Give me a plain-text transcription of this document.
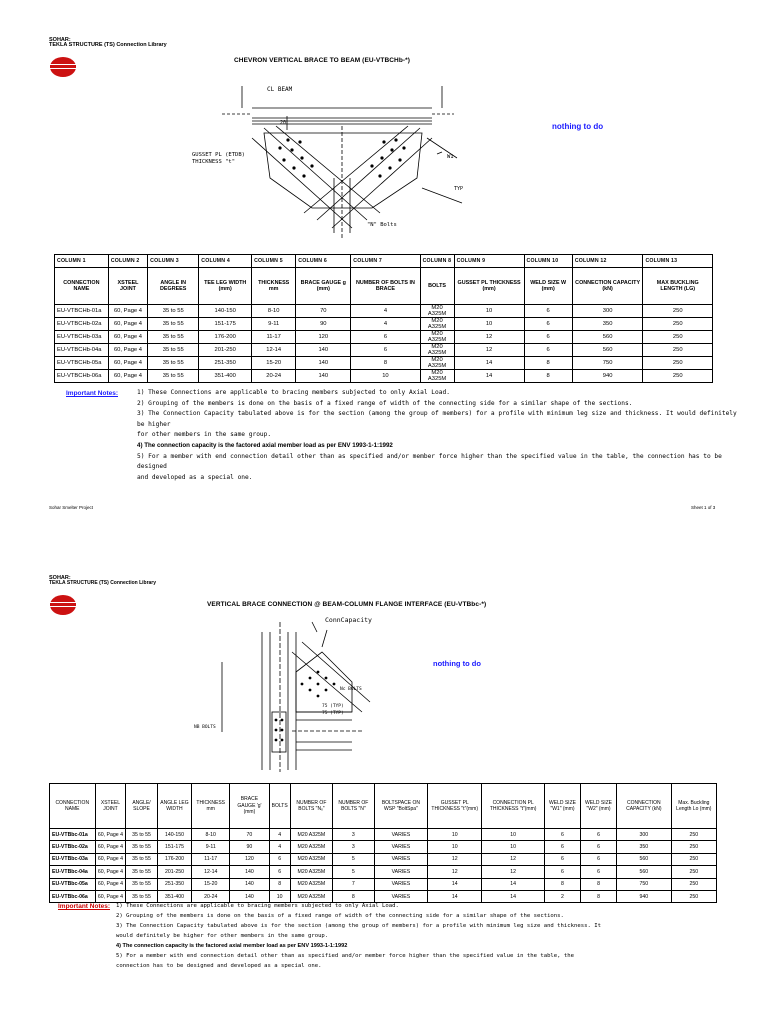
SOHAR:
TEKLA STRUCTURE (TS) Connection Library
CHEVRON VERTICAL BRACE TO BEAM (EU-VTBCHb-*)
CL BEAM
GUSSET PL (ETDB)
THICKNESS "t"
"N" Bolts
W1
TYP
20	nothing to do
COLUMN 1	COLUMN 2	COLUMN 3	COLUMN 4	COLUMN 5	COLUMN 6	COLUMN 7	COLUMN 8	COLUMN 9	COLUMN 10	COLUMN 12	COLUMN 13
CONNECTION NAME	XSTEEL JOINT	ANGLE IN DEGREES	TEE LEG WIDTH (mm)	THICKNESS mm	BRACE GAUGE g (mm)	NUMBER OF BOLTS IN BRACE	BOLTS	GUSSET PL THICKNESS (mm)	WELD SIZE W (mm)	CONNECTION CAPACITY (kN)	MAX BUCKLING LENGTH (LG)
EU-VTBCHb-01a	60, Page 4	35 to 55	140-150	8-10	70	4	M20 A325M	10	6	300	250
EU-VTBCHb-02a	60, Page 4	35 to 55	151-175	9-11	90	4	M20 A325M	10	6	350	250
EU-VTBCHb-03a	60, Page 4	35 to 55	176-200	11-17	120	6	M20 A325M	12	6	560	250
EU-VTBCHb-04a	60, Page 4	35 to 55	201-250	12-14	140	6	M20 A325M	12	6	560	250
EU-VTBCHb-05a	60, Page 4	35 to 55	251-350	15-20	140	8	M20 A325M	14	8	750	250
EU-VTBCHb-06a	60, Page 4	35 to 55	351-400	20-24	140	10	M20 A325M	14	8	940	250
Important Notes:	1) These Connections are applicable to bracing members subjected to only Axial Load.
2) Grouping of the members is done on the basis of a fixed range of width of the connecting side for a similar shape of the sections.
3) The Connection Capacity tabulated above is for the section (among the group of members) for a profile with minimum leg size and thickness. It would definitely be higher
for other members in the same group.
4) The connection capacity is the factored axial member load as per ENV 1993-1-1:1992
5) For a member with end connection detail other than as specified and/or member force higher than the specified value in the table, the connection has to be designed
and developed as a special one.
Sohar Smelter Project	Sheet 1 of 3
SOHAR:
TEKLA STRUCTURE (TS) Connection Library
VERTICAL BRACE CONNECTION @ BEAM-COLUMN FLANGE INTERFACE (EU-VTBbc-*)
ConnCapacity
Nc BOLTS
75 (TYP)
75 (TYP)
NB BOLTS
nothing to do
CONNECTION NAME	XSTEEL JOINT	ANGLE/ SLOPE	ANGLE LEG WIDTH	THICKNESS mm	BRACE GAUGE 'g' (mm)	BOLTS	NUMBER OF BOLTS "Nₓ"	NUMBER OF BOLTS "N"	BOLTSPACE ON WSP "BoltSpa"	GUSSET PL THICKNESS "t"(mm)	CONNECTION PL THICKNESS "t"(mm)	WELD SIZE "W1" (mm)	WELD SIZE "W2" (mm)	CONNECTION CAPACITY (kN)	Max. Buckling Length Lo (mm)
EU-VTBbc-01a	60, Page 4	35 to 55	140-150	8-10	70	4	M20 A325M	3	VARIES	10	10	6	6	300	250
EU-VTBbc-02a	60, Page 4	35 to 55	151-175	9-11	90	4	M20 A325M	3	VARIES	10	10	6	6	350	250
EU-VTBbc-03a	60, Page 4	35 to 55	176-200	11-17	120	6	M20 A325M	5	VARIES	12	12	6	6	560	250
EU-VTBbc-04a	60, Page 4	35 to 55	201-250	12-14	140	6	M20 A325M	5	VARIES	12	12	6	6	560	250
EU-VTBbc-05a	60, Page 4	35 to 55	251-350	15-20	140	8	M20 A325M	7	VARIES	14	14	8	8	750	250
EU-VTBbc-06a	60, Page 4	35 to 55	351-400	20-24	140	10	M20 A325M	8	VARIES	14	14	2	8	940	250
Important Notes: 1) These Connections are applicable to bracing members subjected to only Axial Load.
2) Grouping of the members is done on the basis of a fixed range of width of the connecting side for a similar shape of the sections.
3) The Connection Capacity tabulated above is for the section (among the group of members) for a profile with minimum leg size and thickness. It
would definitely be higher for other members in the same group.
4) The connection capacity is the factored axial member load as per ENV 1993-1-1:1992
5) For a member with end connection detail other than as specified and/or member force higher than the specified value in the table, the
connection has to be designed and developed as a special one.
